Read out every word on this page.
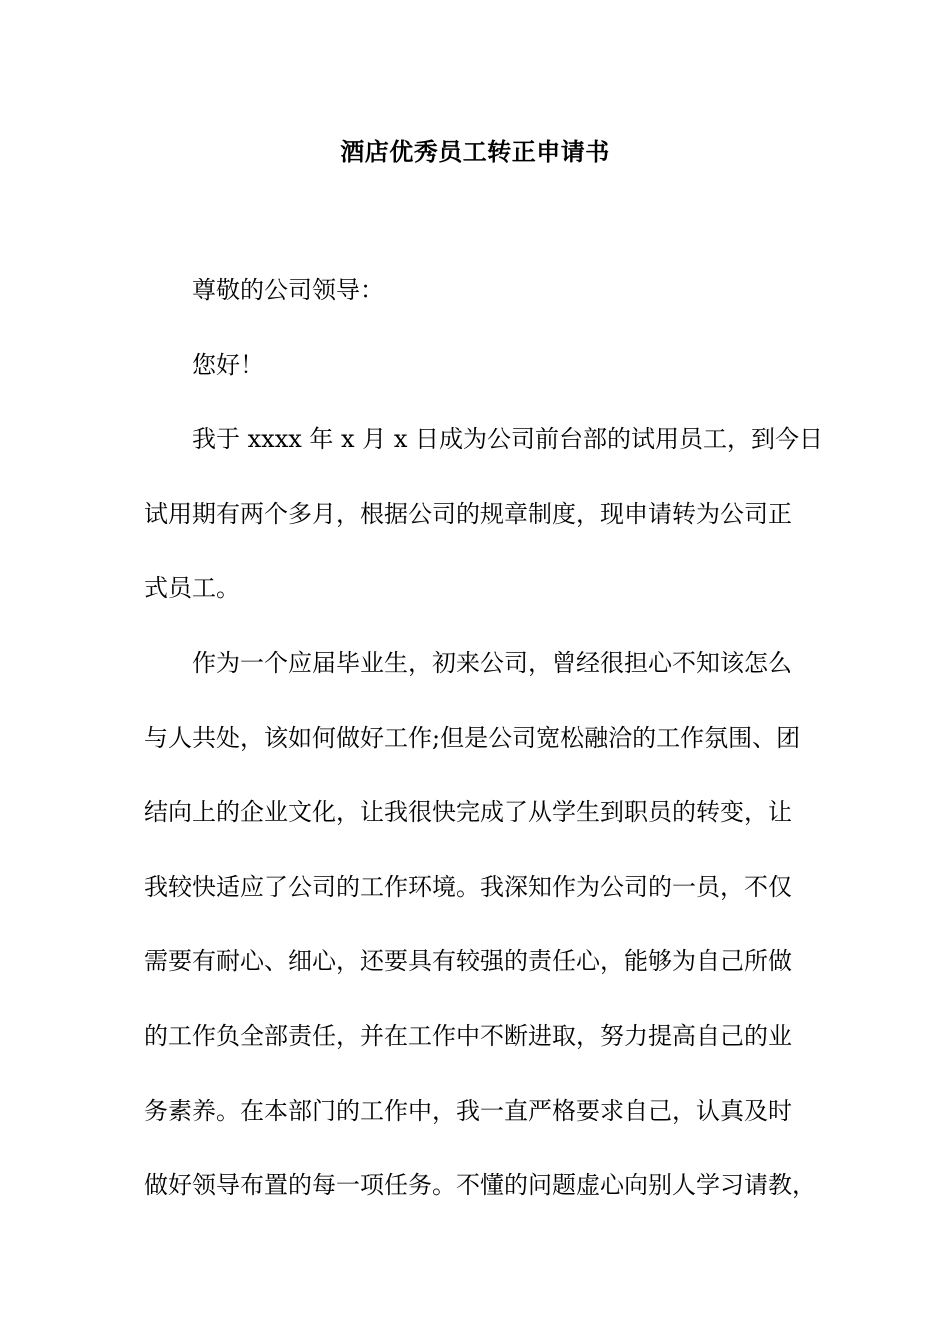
酒店优秀员工转正申请书
尊敬的公司领导：
您好！
我于 xxxx 年 x 月 x 日成为公司前台部的试用员工，到今日
试用期有两个多月，根据公司的规章制度，现申请转为公司正
式员工。
作为一个应届毕业生，初来公司，曾经很担心不知该怎么
与人共处，该如何做好工作;但是公司宽松融洽的工作氛围、团
结向上的企业文化，让我很快完成了从学生到职员的转变，让
我较快适应了公司的工作环境。我深知作为公司的一员，不仅
需要有耐心、细心，还要具有较强的责任心，能够为自己所做
的工作负全部责任，并在工作中不断进取，努力提高自己的业
务素养。在本部门的工作中，我一直严格要求自己，认真及时
做好领导布置的每一项任务。不懂的问题虚心向别人学习请教，
